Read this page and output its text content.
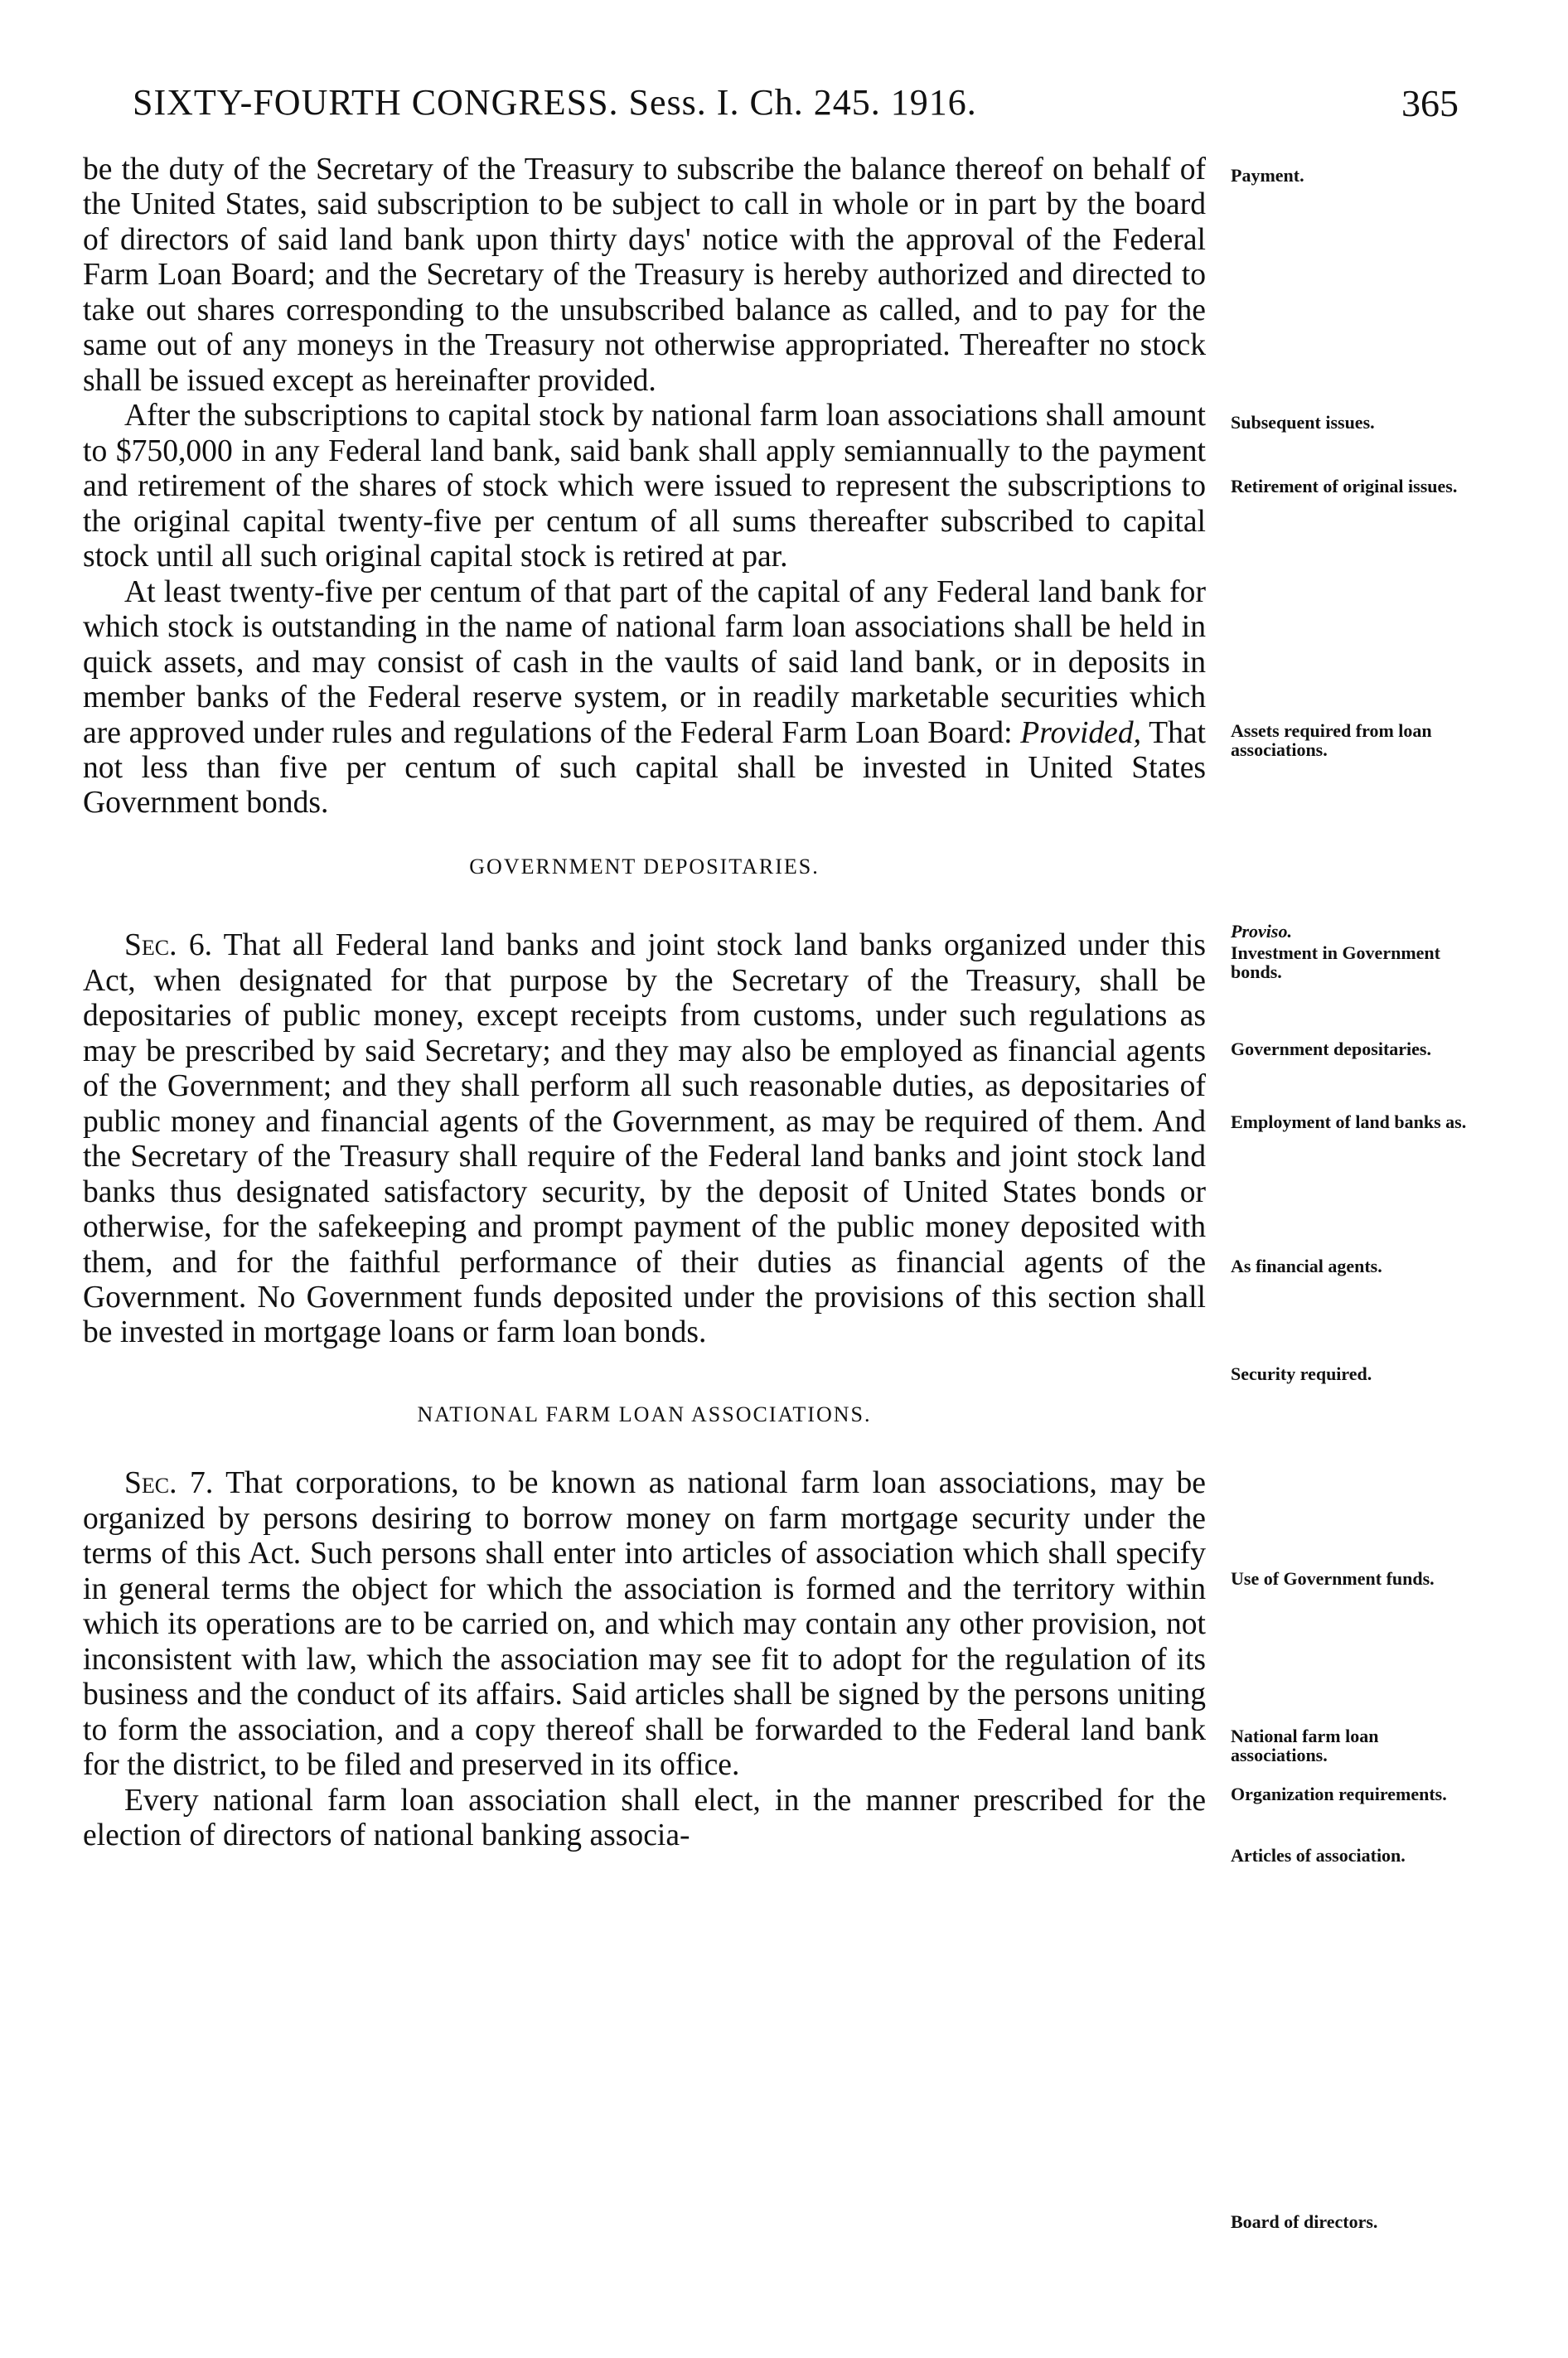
SIXTY-FOURTH CONGRESS. Sess. I. Ch. 245. 1916.	365

be the duty of the Secretary of the Treasury to subscribe the balance thereof on behalf of the United States, said subscription to be subject to call in whole or in part by the board of directors of said land bank upon thirty days' notice with the approval of the Federal Farm Loan Board; and the Secretary of the Treasury is hereby authorized and directed to take out shares corresponding to the unsubscribed balance as called, and to pay for the same out of any moneys in the Treasury not otherwise appropriated. Thereafter no stock shall be issued except as hereinafter provided.

After the subscriptions to capital stock by national farm loan associations shall amount to $750,000 in any Federal land bank, said bank shall apply semiannually to the payment and retirement of the shares of stock which were issued to represent the subscriptions to the original capital twenty-five per centum of all sums thereafter subscribed to capital stock until all such original capital stock is retired at par.

At least twenty-five per centum of that part of the capital of any Federal land bank for which stock is outstanding in the name of national farm loan associations shall be held in quick assets, and may consist of cash in the vaults of said land bank, or in deposits in member banks of the Federal reserve system, or in readily marketable securities which are approved under rules and regulations of the Federal Farm Loan Board: Provided, That not less than five per centum of such capital shall be invested in United States Government bonds.

GOVERNMENT DEPOSITARIES.

Sec. 6. That all Federal land banks and joint stock land banks organized under this Act, when designated for that purpose by the Secretary of the Treasury, shall be depositaries of public money, except receipts from customs, under such regulations as may be prescribed by said Secretary; and they may also be employed as financial agents of the Government; and they shall perform all such reasonable duties, as depositaries of public money and financial agents of the Government, as may be required of them. And the Secretary of the Treasury shall require of the Federal land banks and joint stock land banks thus designated satisfactory security, by the deposit of United States bonds or otherwise, for the safekeeping and prompt payment of the public money deposited with them, and for the faithful performance of their duties as financial agents of the Government. No Government funds deposited under the provisions of this section shall be invested in mortgage loans or farm loan bonds.

NATIONAL FARM LOAN ASSOCIATIONS.

Sec. 7. That corporations, to be known as national farm loan associations, may be organized by persons desiring to borrow money on farm mortgage security under the terms of this Act. Such persons shall enter into articles of association which shall specify in general terms the object for which the association is formed and the territory within which its operations are to be carried on, and which may contain any other provision, not inconsistent with law, which the association may see fit to adopt for the regulation of its business and the conduct of its affairs. Said articles shall be signed by the persons uniting to form the association, and a copy thereof shall be forwarded to the Federal land bank for the district, to be filed and preserved in its office.

Every national farm loan association shall elect, in the manner prescribed for the election of directors of national banking associa-

Payment.
Subsequent issues.
Retirement of original issues.
Assets required from loan associations.
Proviso.
Investment in Government bonds.
Government depositaries.
Employment of land banks as.
As financial agents.
Security required.
Use of Government funds.
National farm loan associations.
Organization requirements.
Articles of association.
Board of directors.
